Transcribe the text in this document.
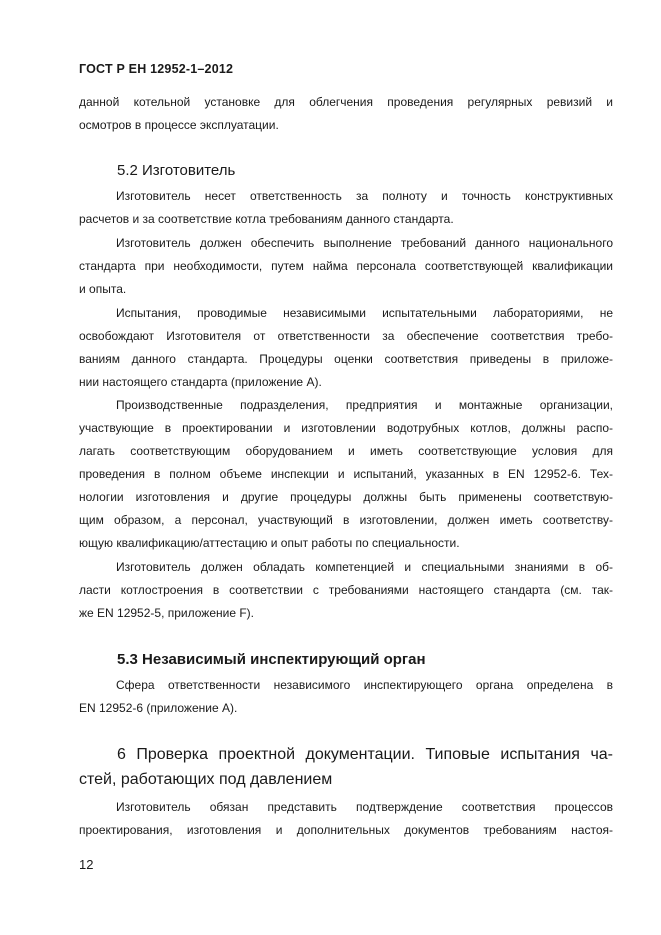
ГОСТ Р ЕН 12952-1–2012
данной котельной установке для облегчения проведения регулярных ревизий и
осмотров в процессе эксплуатации.
5.2 Изготовитель
Изготовитель несет ответственность за полноту и точность конструктивных
расчетов и за соответствие котла требованиям данного стандарта.
Изготовитель должен обеспечить выполнение требований данного национального
стандарта при необходимости, путем найма персонала соответствующей квалификации
и опыта.
Испытания, проводимые независимыми испытательными лабораториями, не
освобождают Изготовителя от ответственности за обеспечение соответствия требо-
ваниям данного стандарта. Процедуры оценки соответствия приведены в приложе-
нии настоящего стандарта (приложение А).
Производственные подразделения, предприятия и монтажные организации,
участвующие в проектировании и изготовлении водотрубных котлов, должны распо-
лагать соответствующим оборудованием и иметь соответствующие условия для
проведения в полном объеме инспекции и испытаний, указанных в EN 12952-6. Тех-
нологии изготовления и другие процедуры должны быть применены соответствую-
щим образом, а персонал, участвующий в изготовлении, должен иметь соответству-
ющую квалификацию/аттестацию и опыт работы по специальности.
Изготовитель должен обладать компетенцией и специальными знаниями в об-
ласти котлостроения в соответствии с требованиями настоящего стандарта (см. так-
же EN 12952-5, приложение F).
5.3 Независимый инспектирующий орган
Сфера ответственности независимого инспектирующего органа определена в
EN 12952-6 (приложение А).
6 Проверка проектной документации. Типовые испытания ча-
стей, работающих под давлением
Изготовитель обязан представить подтверждение соответствия процессов
проектирования, изготовления и дополнительных документов требованиям настоя-
12
